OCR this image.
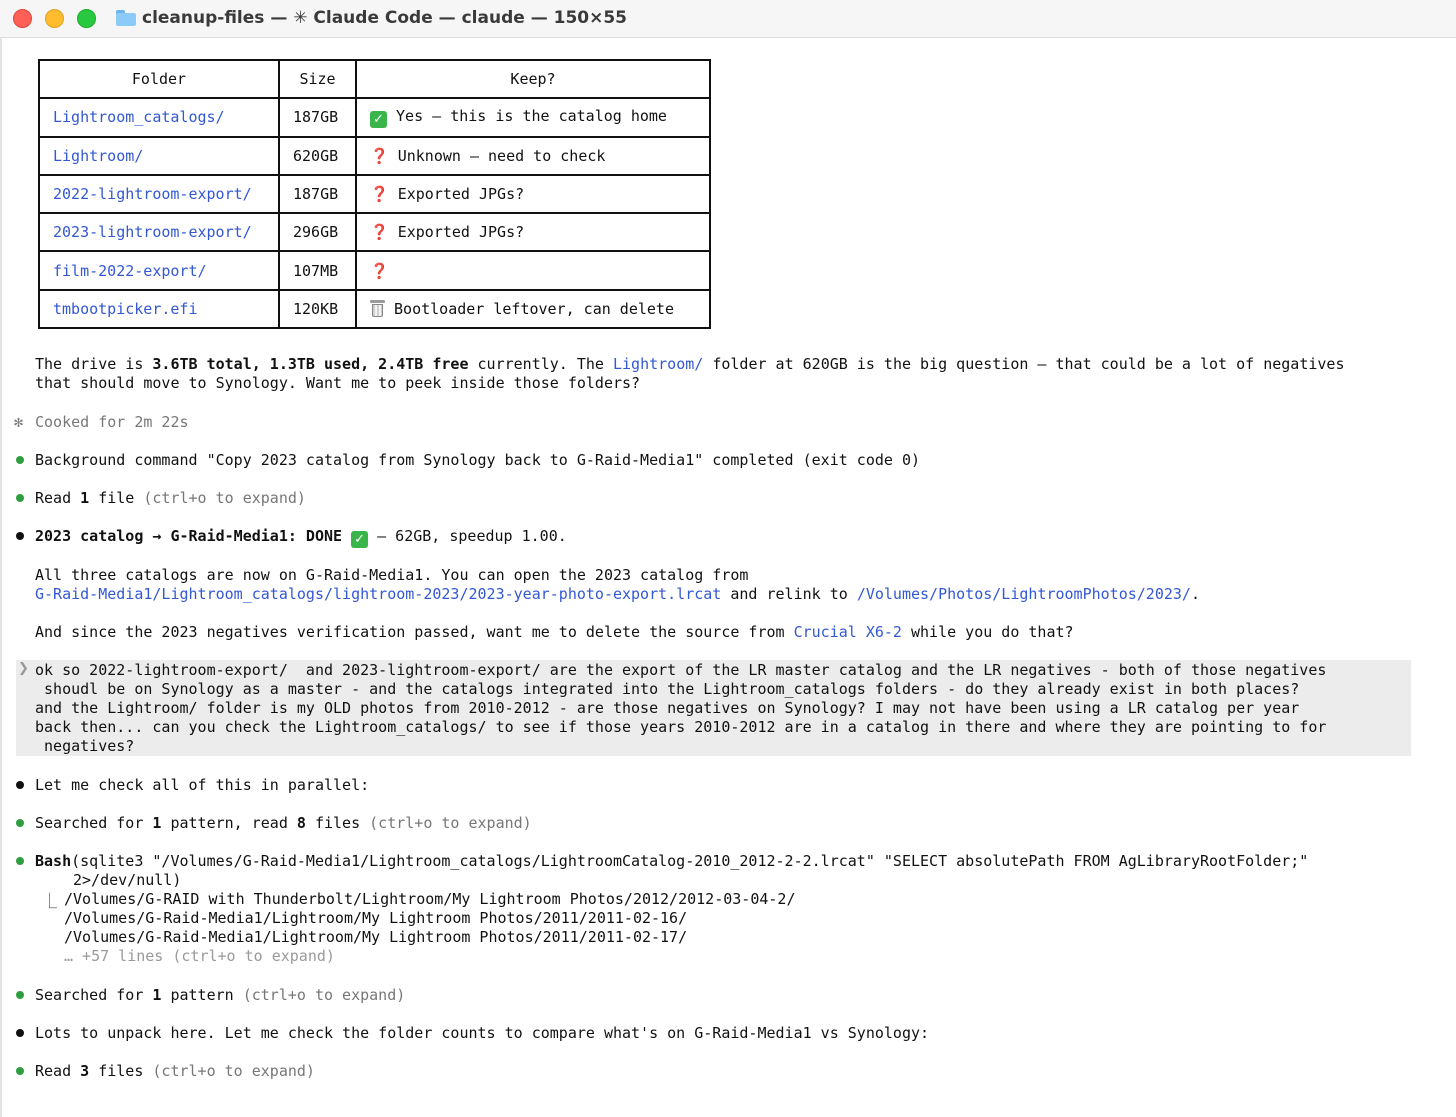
cleanup-files — ✳ Claude Code — claude — 150×55
Folder	Size	Keep?
Lightroom_catalogs/	187GB	✓ Yes — this is the catalog home
Lightroom/	620GB	❓ Unknown — need to check
2022-lightroom-export/	187GB	❓ Exported JPGs?
2023-lightroom-export/	296GB	❓ Exported JPGs?
film-2022-export/	107MB	❓
tmbootpicker.efi	120KB	Bootloader leftover, can delete
The drive is 3.6TB total, 1.3TB used, 2.4TB free currently. The Lightroom/ folder at 620GB is the big question — that could be a lot of negatives
that should move to Synology. Want me to peek inside those folders?
✻ Cooked for 2m 22s
Background command "Copy 2023 catalog from Synology back to G-Raid-Media1" completed (exit code 0)
Read 1 file (ctrl+o to expand)
2023 catalog → G-Raid-Media1: DONE ✓ — 62GB, speedup 1.00.
All three catalogs are now on G-Raid-Media1. You can open the 2023 catalog from
G-Raid-Media1/Lightroom_catalogs/lightroom-2023/2023-year-photo-export.lrcat and relink to /Volumes/Photos/LightroomPhotos/2023/.
And since the 2023 negatives verification passed, want me to delete the source from Crucial X6-2 while you do that?
❯ ok so 2022-lightroom-export/  and 2023-lightroom-export/ are the export of the LR master catalog and the LR negatives - both of those negatives
shoudl be on Synology as a master - and the catalogs integrated into the Lightroom_catalogs folders - do they already exist in both places?
and the Lightroom/ folder is my OLD photos from 2010-2012 - are those negatives on Synology? I may not have been using a LR catalog per year
back then... can you check the Lightroom_catalogs/ to see if those years 2010-2012 are in a catalog in there and where they are pointing to for
negatives?
Let me check all of this in parallel:
Searched for 1 pattern, read 8 files (ctrl+o to expand)
Bash(sqlite3 "/Volumes/G-Raid-Media1/Lightroom_catalogs/LightroomCatalog-2010_2012-2-2.lrcat" "SELECT absolutePath FROM AgLibraryRootFolder;"
2>/dev/null)
⎿ /Volumes/G-RAID with Thunderbolt/Lightroom/My Lightroom Photos/2012/2012-03-04-2/
/Volumes/G-Raid-Media1/Lightroom/My Lightroom Photos/2011/2011-02-16/
/Volumes/G-Raid-Media1/Lightroom/My Lightroom Photos/2011/2011-02-17/
… +57 lines (ctrl+o to expand)
Searched for 1 pattern (ctrl+o to expand)
Lots to unpack here. Let me check the folder counts to compare what's on G-Raid-Media1 vs Synology:
Read 3 files (ctrl+o to expand)
